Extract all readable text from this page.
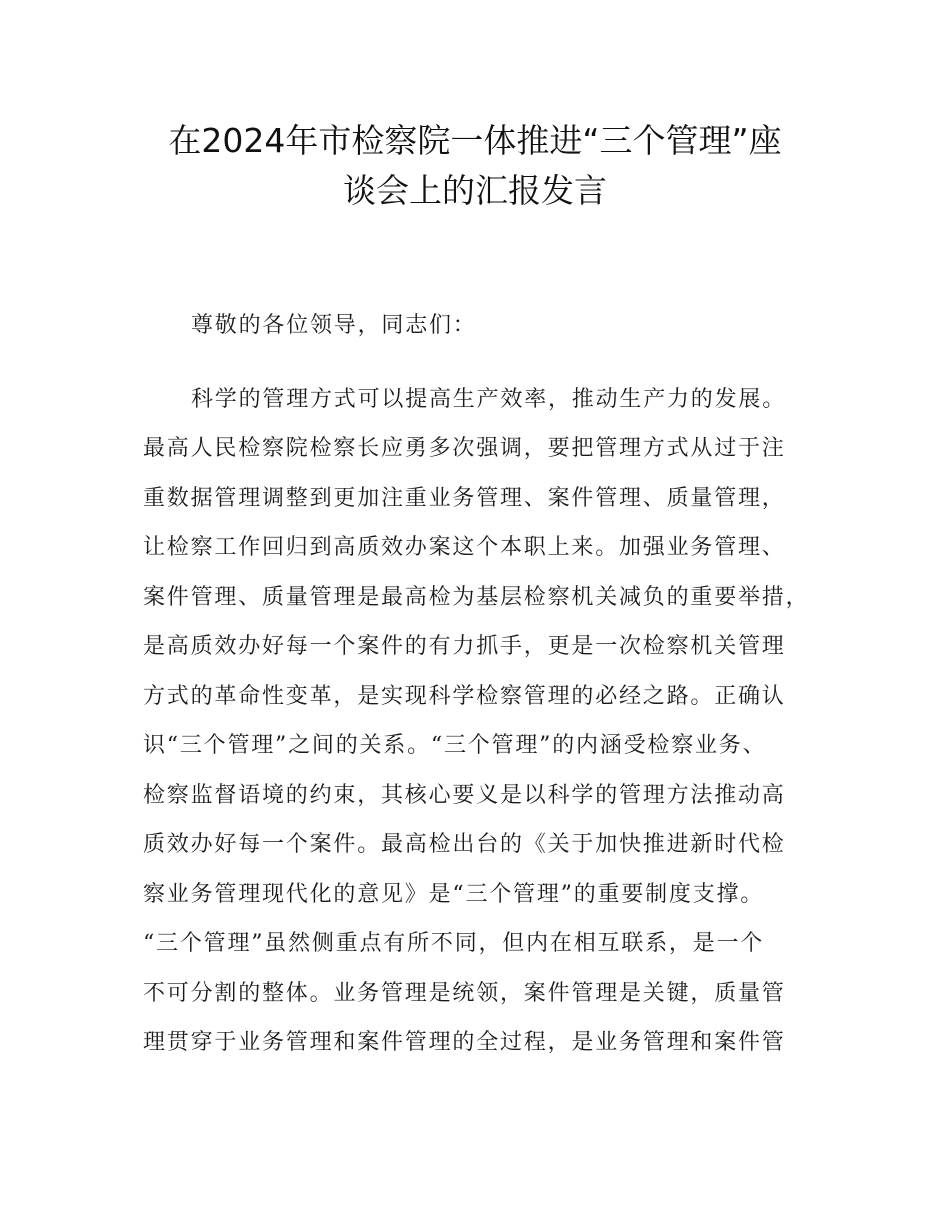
在2024年市检察院一体推进“三个管理”座
谈会上的汇报发言
尊敬的各位领导，同志们：
科学的管理方式可以提高生产效率，推动生产力的发展。
最高人民检察院检察长应勇多次强调，要把管理方式从过于注
重数据管理调整到更加注重业务管理、案件管理、质量管理，
让检察工作回归到高质效办案这个本职上来。加强业务管理、
案件管理、质量管理是最高检为基层检察机关减负的重要举措，
是高质效办好每一个案件的有力抓手，更是一次检察机关管理
方式的革命性变革，是实现科学检察管理的必经之路。正确认
识“三个管理”之间的关系。“三个管理”的内涵受检察业务、
检察监督语境的约束，其核心要义是以科学的管理方法推动高
质效办好每一个案件。最高检出台的《关于加快推进新时代检
察业务管理现代化的意见》是“三个管理”的重要制度支撑。
“三个管理”虽然侧重点有所不同，但内在相互联系，是一个
不可分割的整体。业务管理是统领，案件管理是关键，质量管
理贯穿于业务管理和案件管理的全过程，是业务管理和案件管
